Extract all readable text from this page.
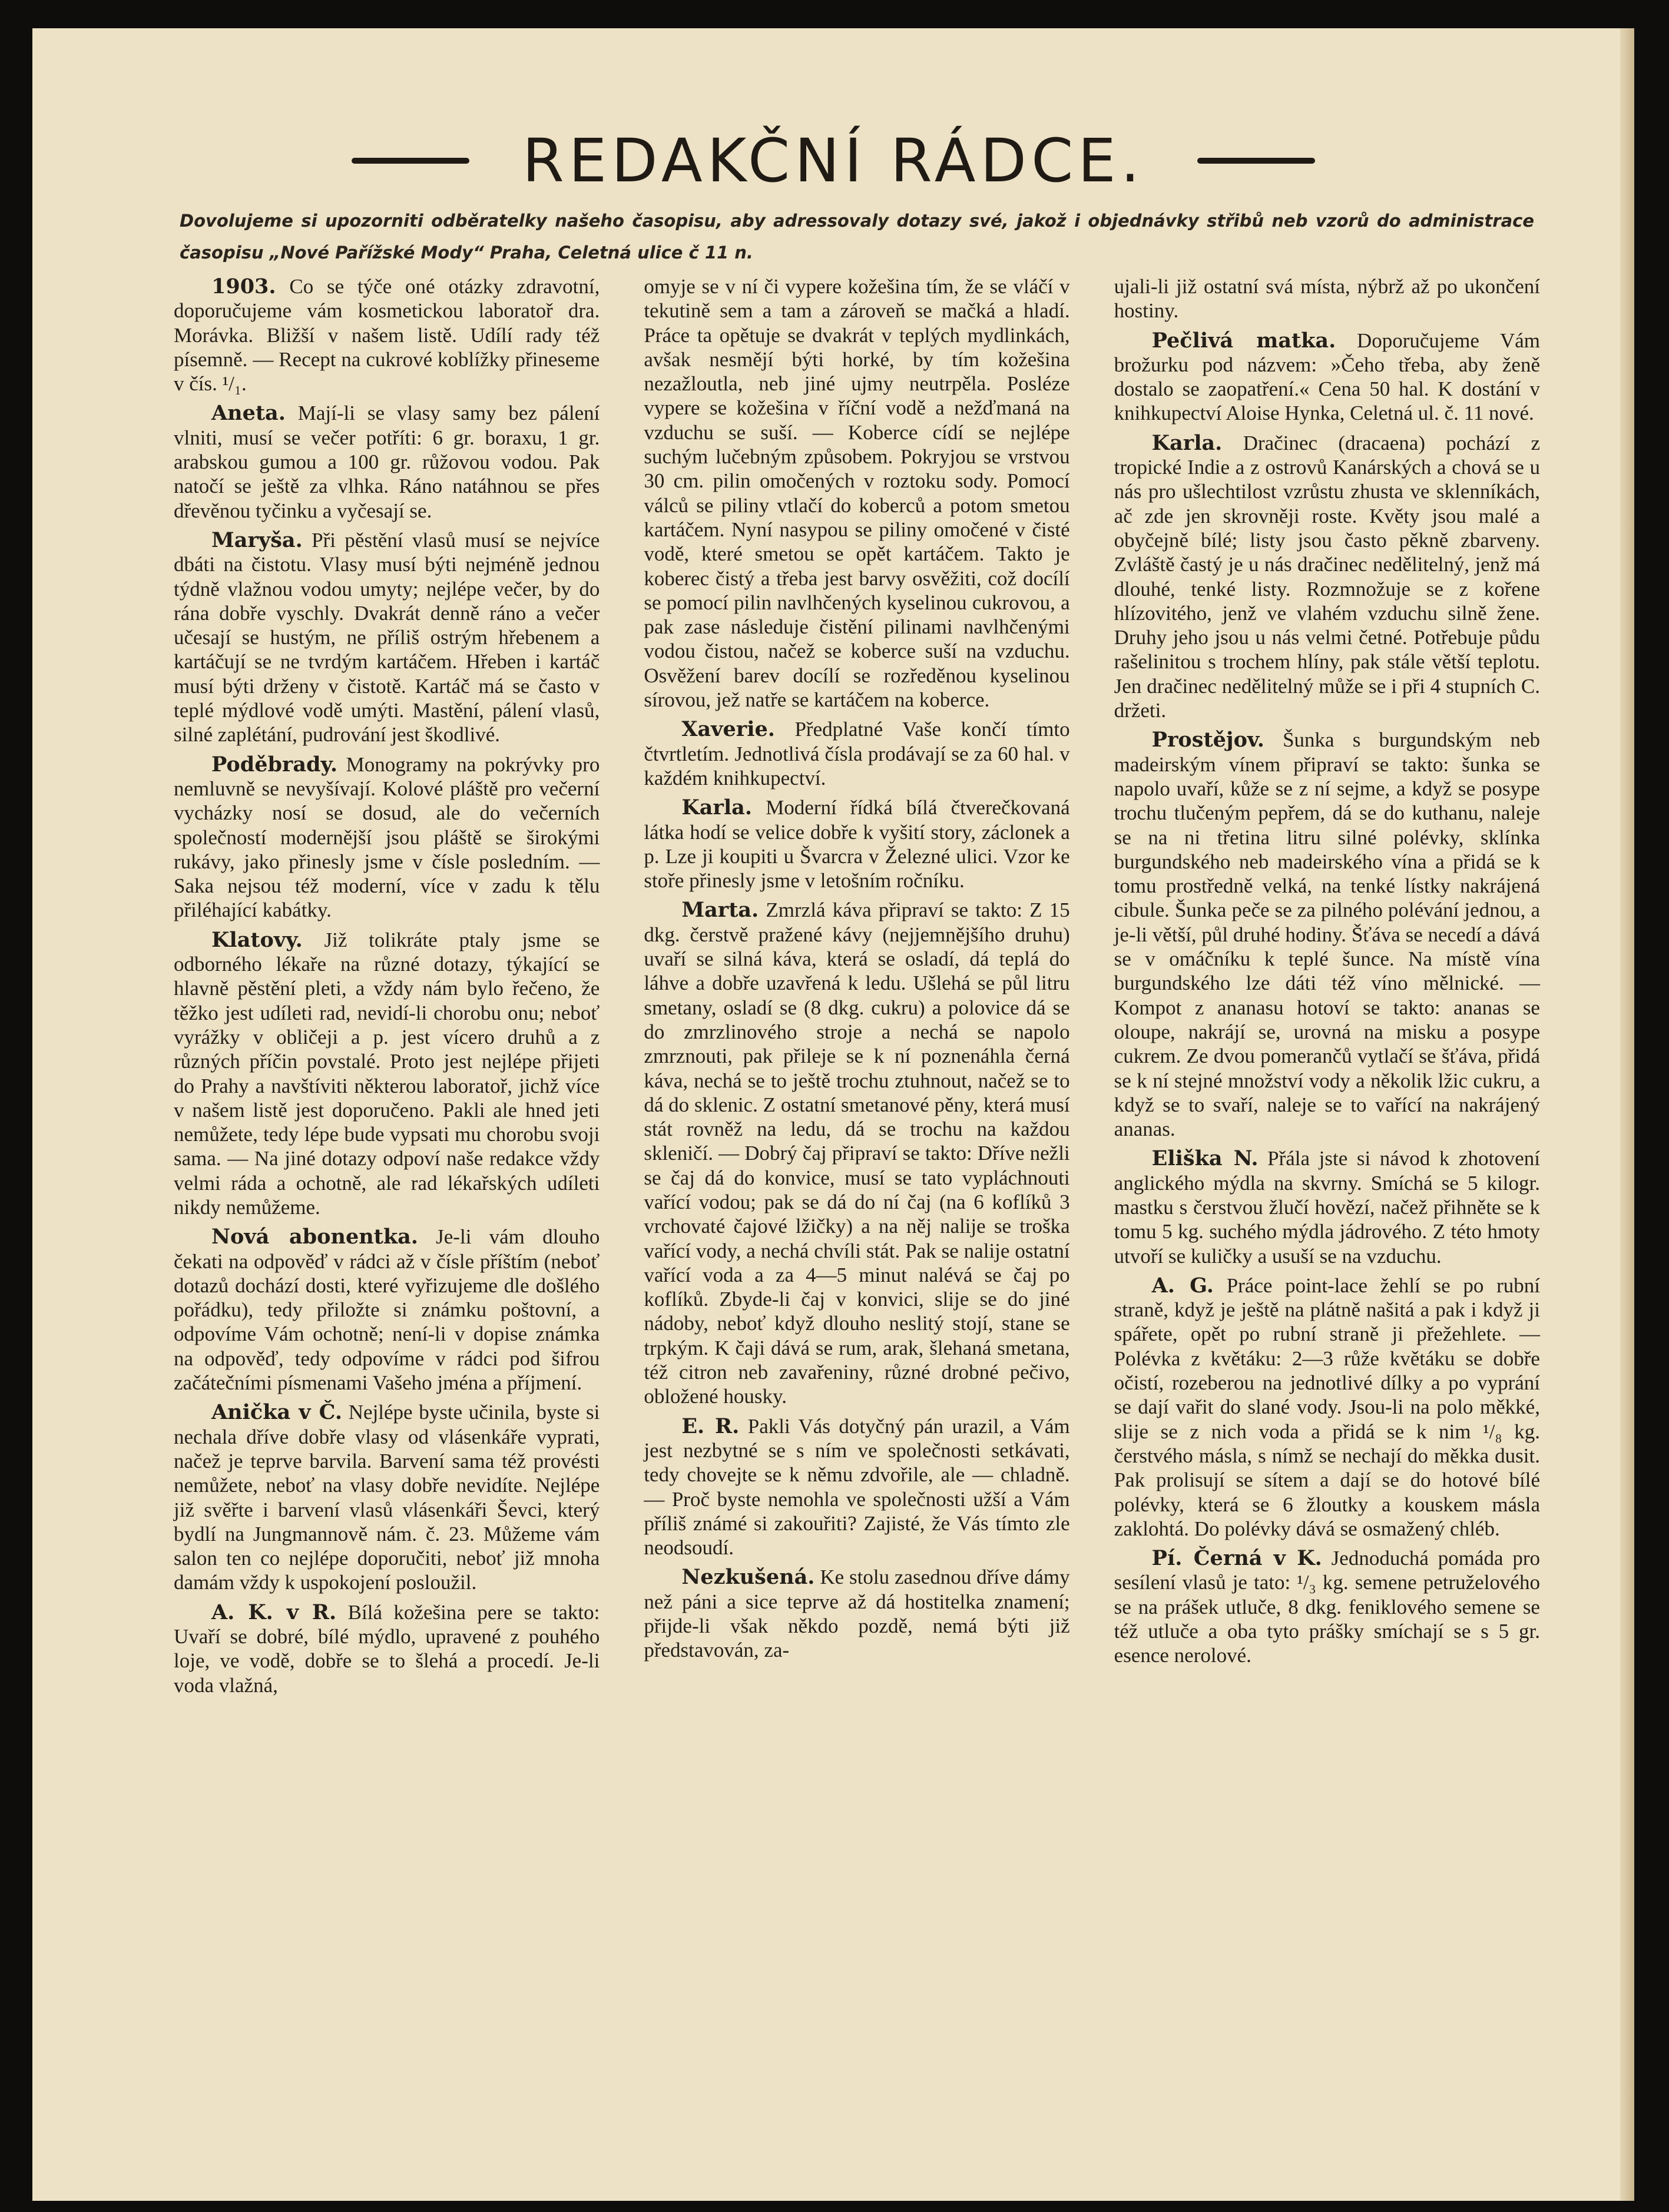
REDAKČNÍ RÁDCE.
Dovolujeme si upozorniti odběratelky našeho časopisu, aby adressovaly dotazy své, jakož i objednávky střibů neb vzorů do administrace časopisu „Nové Pařížské Mody“ Praha, Celetná ulice č 11 n.

1903. Co se týče oné otázky zdravotní, doporučujeme vám kosmetickou laboratoř dra. Morávka. Bližší v našem listě. Udílí rady též písemně. — Recept na cukrové koblížky přineseme v čís. ¹/₁.

Aneta. Mají-li se vlasy samy bez pálení vlniti, musí se večer potříti: 6 gr. boraxu, 1 gr. arabskou gumou a 100 gr. růžovou vodou. Pak natočí se ještě za vlhka. Ráno natáhnou se přes dřevěnou tyčinku a vyčesají se.

Maryša. Při pěstění vlasů musí se nejvíce dbáti na čistotu. Vlasy musí býti nejméně jednou týdně vlažnou vodou umyty; nejlépe večer, by do rána dobře vyschly. Dvakrát denně ráno a večer učesají se hustým, ne příliš ostrým hřebenem a kartáčují se ne tvrdým kartáčem. Hřeben i kartáč musí býti drženy v čistotě. Kartáč má se často v teplé mýdlové vodě umýti. Mastění, pálení vlasů, silné zaplétání, pudrování jest škodlivé.

Poděbrady. Monogramy na pokrývky pro nemluvně se nevyšívají. Kolové pláště pro večerní vycházky nosí se dosud, ale do večerních společností modernější jsou pláště se širokými rukávy, jako přinesly jsme v čísle posledním. — Saka nejsou též moderní, více v zadu k tělu přiléhající kabátky.

Klatovy. Již tolikráte ptaly jsme se odborného lékaře na různé dotazy, týkající se hlavně pěstění pleti, a vždy nám bylo řečeno, že těžko jest udíleti rad, nevidí-li chorobu onu; neboť vyrážky v obličeji a p. jest vícero druhů a z různých příčin povstalé. Proto jest nejlépe přijeti do Prahy a navštíviti některou laboratoř, jichž více v našem listě jest doporučeno. Pakli ale hned jeti nemůžete, tedy lépe bude vypsati mu chorobu svoji sama. — Na jiné dotazy odpoví naše redakce vždy velmi ráda a ochotně, ale rad lékařských udíleti nikdy nemůžeme.

Nová abonentka. Je-li vám dlouho čekati na odpověď v rádci až v čísle příštím (neboť dotazů dochází dosti, které vyřizujeme dle došlého pořádku), tedy přiložte si známku poštovní, a odpovíme Vám ochotně; není-li v dopise známka na odpověď, tedy odpovíme v rádci pod šifrou začátečními písmenami Vašeho jména a příjmení.

Anička v Č. Nejlépe byste učinila, byste si nechala dříve dobře vlasy od vlásenkáře vyprati, načež je teprve barvila. Barvení sama též provésti nemůžete, neboť na vlasy dobře nevidíte. Nejlépe již svěřte i barvení vlasů vlásenkáři Ševci, který bydlí na Jungmannově nám. č. 23. Můžeme vám salon ten co nejlépe doporučiti, neboť již mnoha damám vždy k uspokojení posloužil.

A. K. v R. Bílá kožešina pere se takto: Uvaří se dobré, bílé mýdlo, upravené z pouhého loje, ve vodě, dobře se to šlehá a procedí. Je-li voda vlažná,

omyje se v ní či vypere kožešina tím, že se vláčí v tekutině sem a tam a zároveň se mačká a hladí. Práce ta opětuje se dvakrát v teplých mydlinkách, avšak nesmějí býti horké, by tím kožešina nezažloutla, neb jiné ujmy neutrpěla. Posléze vypere se kožešina v říční vodě a nežďmaná na vzduchu se suší. — Koberce cídí se nejlépe suchým lučebným způsobem. Pokryjou se vrstvou 30 cm. pilin omočených v roztoku sody. Pomocí válců se piliny vtlačí do koberců a potom smetou kartáčem. Nyní nasypou se piliny omočené v čisté vodě, které smetou se opět kartáčem. Takto je koberec čistý a třeba jest barvy osvěžiti, což docílí se pomocí pilin navlhčených kyselinou cukrovou, a pak zase následuje čistění pilinami navlhčenými vodou čistou, načež se koberce suší na vzduchu. Osvěžení barev docílí se rozředěnou kyselinou sírovou, jež natře se kartáčem na koberce.

Xaverie. Předplatné Vaše končí tímto čtvrtletím. Jednotlivá čísla prodávají se za 60 hal. v každém knihkupectví.

Karla. Moderní řídká bílá čtverečkovaná látka hodí se velice dobře k vyšití story, záclonek a p. Lze ji koupiti u Švarcra v Železné ulici. Vzor ke stoře přinesly jsme v letošním ročníku.

Marta. Zmrzlá káva připraví se takto: Z 15 dkg. čerstvě pražené kávy (nejjemnějšího druhu) uvaří se silná káva, která se osladí, dá teplá do láhve a dobře uzavřená k ledu. Ušlehá se půl litru smetany, osladí se (8 dkg. cukru) a polovice dá se do zmrzlinového stroje a nechá se napolo zmrznouti, pak přileje se k ní poznenáhla černá káva, nechá se to ještě trochu ztuhnout, načež se to dá do sklenic. Z ostatní smetanové pěny, která musí stát rovněž na ledu, dá se trochu na každou skleničí. — Dobrý čaj připraví se takto: Dříve nežli se čaj dá do konvice, musí se tato vypláchnouti vařící vodou; pak se dá do ní čaj (na 6 koflíků 3 vrchovaté čajové lžičky) a na něj nalije se troška vařící vody, a nechá chvíli stát. Pak se nalije ostatní vařící voda a za 4—5 minut nalévá se čaj po koflíků. Zbyde-li čaj v konvici, slije se do jiné nádoby, neboť když dlouho neslitý stojí, stane se trpkým. K čaji dává se rum, arak, šlehaná smetana, též citron neb zavařeniny, různé drobné pečivo, obložené housky.

E. R. Pakli Vás dotyčný pán urazil, a Vám jest nezbytné se s ním ve společnosti setkávati, tedy chovejte se k němu zdvořile, ale — chladně. — Proč byste nemohla ve společnosti užší a Vám příliš známé si zakouřiti? Zajisté, že Vás tímto zle neodsoudí.

Nezkušená. Ke stolu zasednou dříve dámy než páni a sice teprve až dá hostitelka znamení; přijde-li však někdo pozdě, nemá býti již představován, za-

ujali-li již ostatní svá místa, nýbrž až po ukončení hostiny.

Pečlivá matka. Doporučujeme Vám brožurku pod názvem: »Čeho třeba, aby ženě dostalo se zaopatření.« Cena 50 hal. K dostání v knihkupectví Aloise Hynka, Celetná ul. č. 11 nové.

Karla. Dračinec (dracaena) pochází z tropické Indie a z ostrovů Kanárských a chová se u nás pro ušlechtilost vzrůstu zhusta ve sklenníkách, ač zde jen skrovněji roste. Květy jsou malé a obyčejně bílé; listy jsou často pěkně zbarveny. Zvláště častý je u nás dračinec nedělitelný, jenž má dlouhé, tenké listy. Rozmnožuje se z kořene hlízovitého, jenž ve vlahém vzduchu silně žene. Druhy jeho jsou u nás velmi četné. Potřebuje půdu rašelinitou s trochem hlíny, pak stále větší teplotu. Jen dračinec nedělitelný může se i při 4 stupních C. držeti.

Prostějov. Šunka s burgundským neb madeirským vínem připraví se takto: šunka se napolo uvaří, kůže se z ní sejme, a když se posype trochu tlučeným pepřem, dá se do kuthanu, naleje se na ni třetina litru silné polévky, sklínka burgundského neb madeirského vína a přidá se k tomu prostředně velká, na tenké lístky nakrájená cibule. Šunka peče se za pilného polévání jednou, a je-li větší, půl druhé hodiny. Šťáva se necedí a dává se v omáčníku k teplé šunce. Na místě vína burgundského lze dáti též víno mělnické. — Kompot z ananasu hotoví se takto: ananas se oloupe, nakrájí se, urovná na misku a posype cukrem. Ze dvou pomerančů vytlačí se šťáva, přidá se k ní stejné množství vody a několik lžic cukru, a když se to svaří, naleje se to vařící na nakrájený ananas.

Eliška N. Přála jste si návod k zhotovení anglického mýdla na skvrny. Smíchá se 5 kilogr. mastku s čerstvou žlučí hovězí, načež přihněte se k tomu 5 kg. suchého mýdla jádrového. Z této hmoty utvoří se kuličky a usuší se na vzduchu.

A. G. Práce point-lace žehlí se po rubní straně, když je ještě na plátně našitá a pak i když ji spářete, opět po rubní straně ji přežehlete. — Polévka z květáku: 2—3 růže květáku se dobře očistí, rozeberou na jednotlivé dílky a po vyprání se dají vařit do slané vody. Jsou-li na polo měkké, slije se z nich voda a přidá se k nim ¹/₈ kg. čerstvého másla, s nímž se nechají do měkka dusit. Pak prolisují se sítem a dají se do hotové bílé polévky, která se 6 žloutky a kouskem másla zaklohtá. Do polévky dává se osmažený chléb.

Pí. Černá v K. Jednoduchá pomáda pro sesílení vlasů je tato: ¹/₃ kg. semene petruželového se na prášek utluče, 8 dkg. feniklového semene se též utluče a oba tyto prášky smíchají se s 5 gr. esence nerolové.
